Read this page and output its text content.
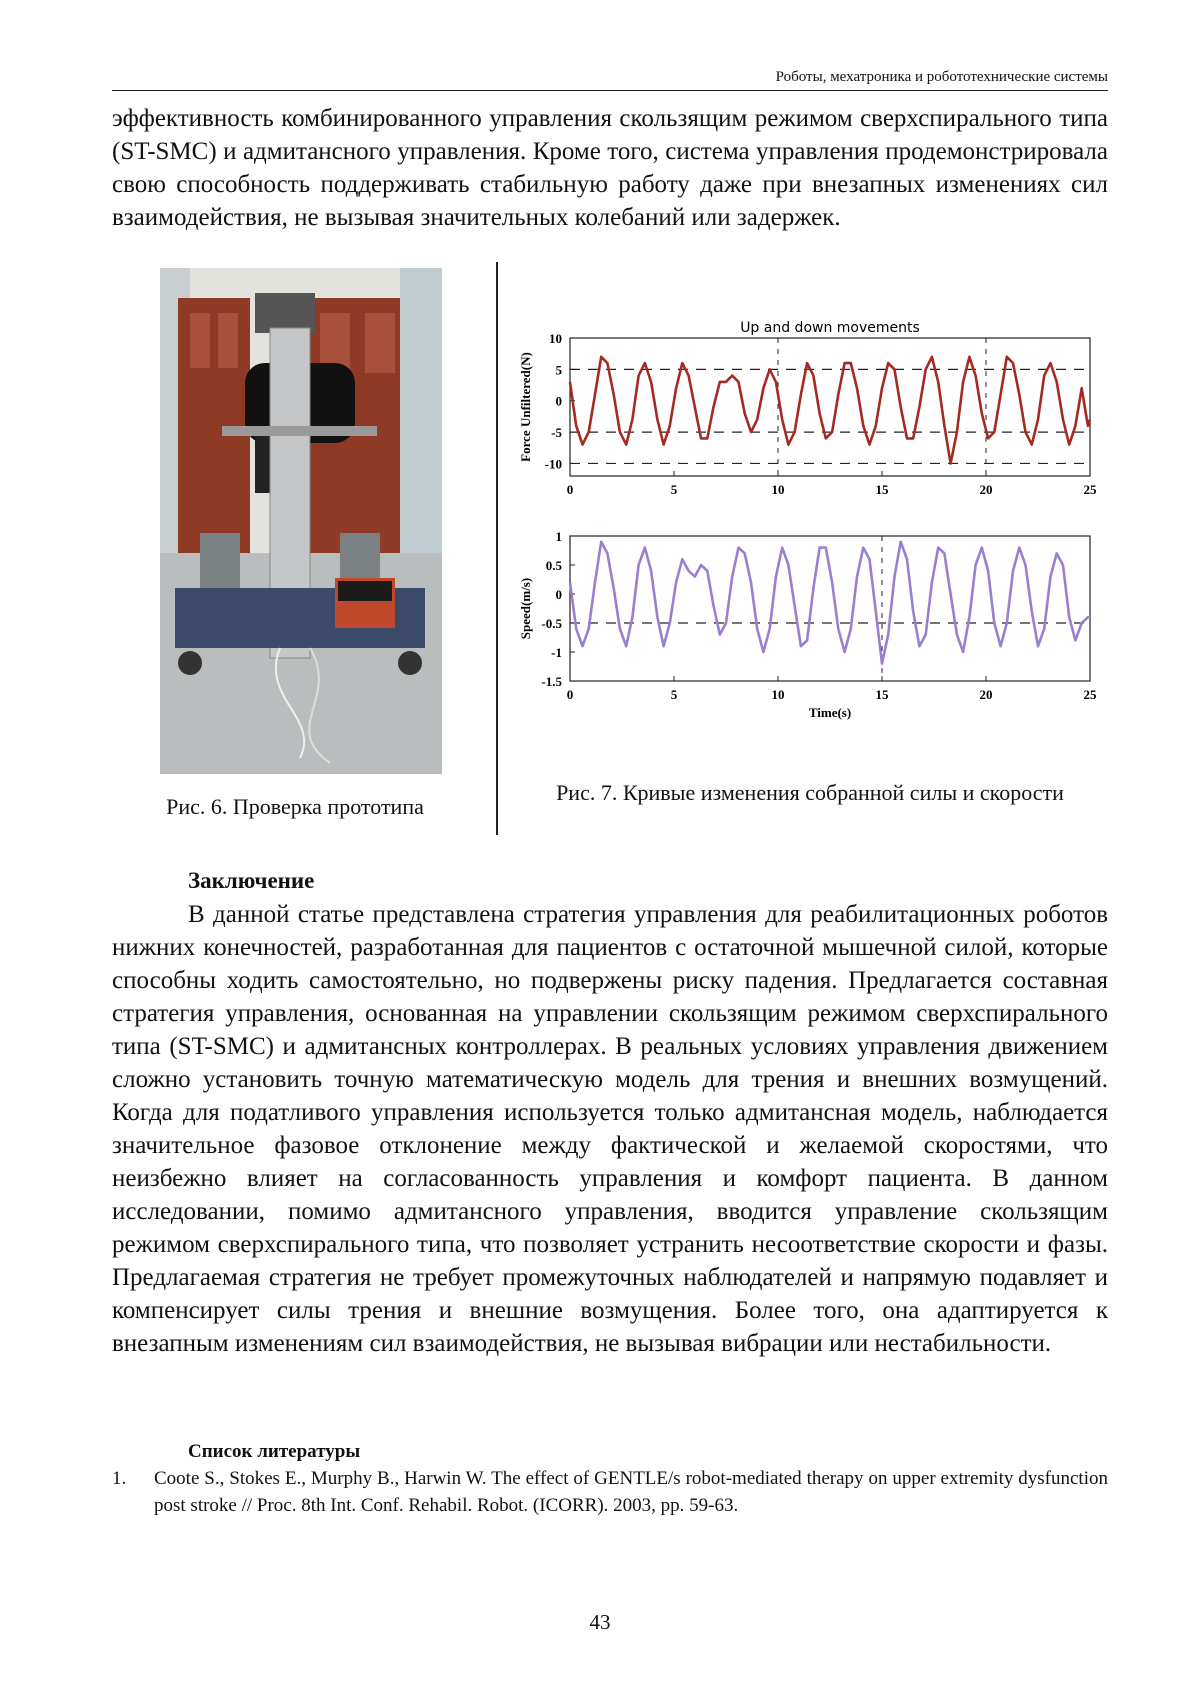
Роботы, мехатроника и робототехнические системы
эффективность комбинированного управления скользящим режимом сверхспирального типа (ST-SMC) и адмитансного управления. Кроме того, система управления продемонстрировала свою способность поддерживать стабильную работу даже при внезапных изменениях сил взаимодействия, не вызывая значительных колебаний или задержек.
0	5	10	15	20	25
10
5
0
-5
-10
Up and down movements
Force Unfiltered(N)
0	5	10	15	20	25
1
0.5
0
-0.5
-1
-1.5
Speed(m/s)
Time(s)
Рис. 6. Проверка прототипа
Рис. 7. Кривые изменения собранной силы и скорости
Заключение
В данной статье представлена стратегия управления для реабилитационных роботов нижних конечностей, разработанная для пациентов с остаточной мышечной силой, которые способны ходить самостоятельно, но подвержены риску падения. Предлагается составная стратегия управления, основанная на управлении скользящим режимом сверхспирального типа (ST-SMC) и адмитансных контроллерах. В реальных условиях управления движением сложно установить точную математическую модель для трения и внешних возмущений. Когда для податливого управления используется только адмитансная модель, наблюдается значительное фазовое отклонение между фактической и желаемой скоростями, что неизбежно влияет на согласованность управления и комфорт пациента. В данном исследовании, помимо адмитансного управления, вводится управление скользящим режимом сверхспирального типа, что позволяет устранить несоответствие скорости и фазы. Предлагаемая стратегия не требует промежуточных наблюдателей и напрямую подавляет и компенсирует силы трения и внешние возмущения. Более того, она адаптируется к внезапным изменениям сил взаимодействия, не вызывая вибрации или нестабильности.
Список литературы
1. Coote S., Stokes E., Murphy B., Harwin W. The effect of GENTLE/s robot-mediated therapy on upper extremity dysfunction post stroke // Proc. 8th Int. Conf. Rehabil. Robot. (ICORR). 2003, pp. 59-63.
43
